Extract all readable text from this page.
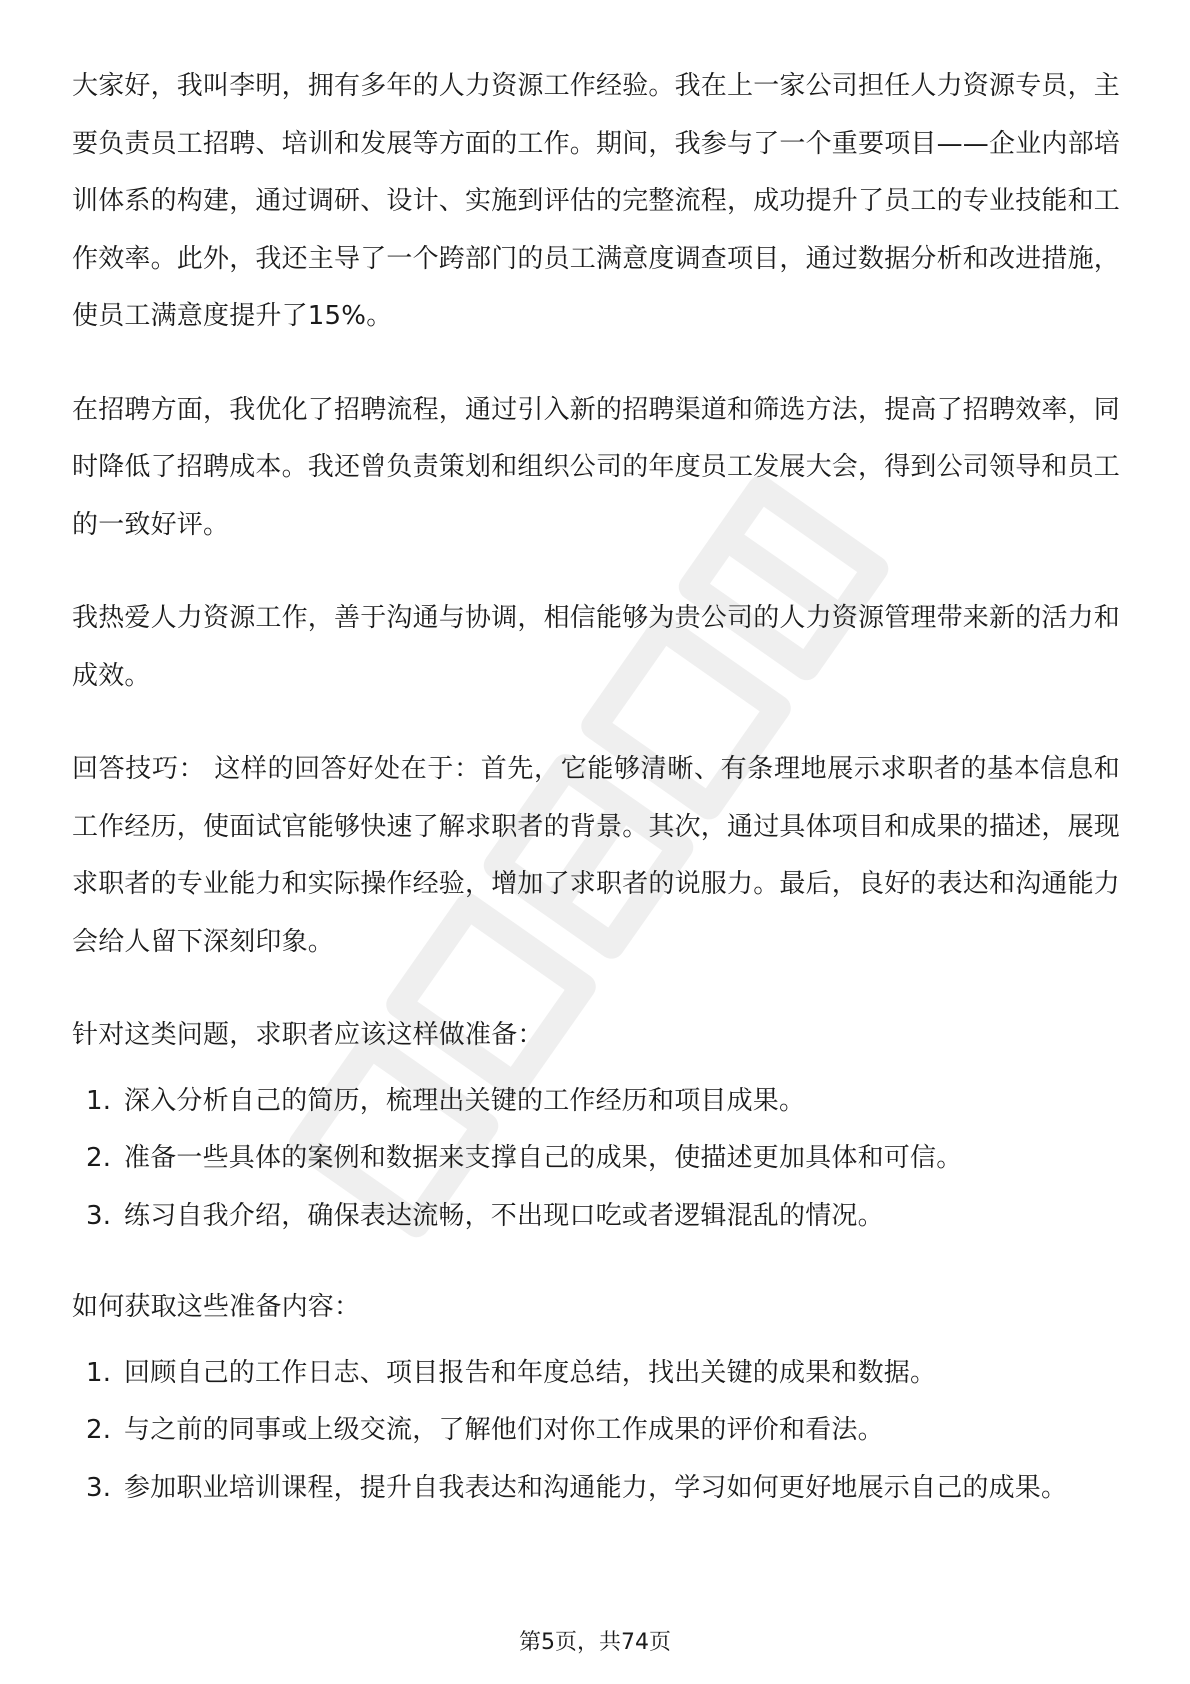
大家好，我叫李明，拥有多年的人力资源工作经验。我在上一家公司担任人力资源专员，主要负责员工招聘、培训和发展等方面的工作。期间，我参与了一个重要项目——企业内部培训体系的构建，通过调研、设计、实施到评估的完整流程，成功提升了员工的专业技能和工作效率。此外，我还主导了一个跨部门的员工满意度调查项目，通过数据分析和改进措施，使员工满意度提升了15%。

在招聘方面，我优化了招聘流程，通过引入新的招聘渠道和筛选方法，提高了招聘效率，同时降低了招聘成本。我还曾负责策划和组织公司的年度员工发展大会，得到公司领导和员工的一致好评。

我热爱人力资源工作，善于沟通与协调，相信能够为贵公司的人力资源管理带来新的活力和成效。

回答技巧： 这样的回答好处在于：首先，它能够清晰、有条理地展示求职者的基本信息和工作经历，使面试官能够快速了解求职者的背景。其次，通过具体项目和成果的描述，展现求职者的专业能力和实际操作经验，增加了求职者的说服力。最后，良好的表达和沟通能力会给人留下深刻印象。

针对这类问题，求职者应该这样做准备：

1. 深入分析自己的简历，梳理出关键的工作经历和项目成果。
2. 准备一些具体的案例和数据来支撑自己的成果，使描述更加具体和可信。
3. 练习自我介绍，确保表达流畅，不出现口吃或者逻辑混乱的情况。

如何获取这些准备内容：

1. 回顾自己的工作日志、项目报告和年度总结，找出关键的成果和数据。
2. 与之前的同事或上级交流，了解他们对你工作成果的评价和看法。
3. 参加职业培训课程，提升自我表达和沟通能力，学习如何更好地展示自己的成果。
第5页，共74页
